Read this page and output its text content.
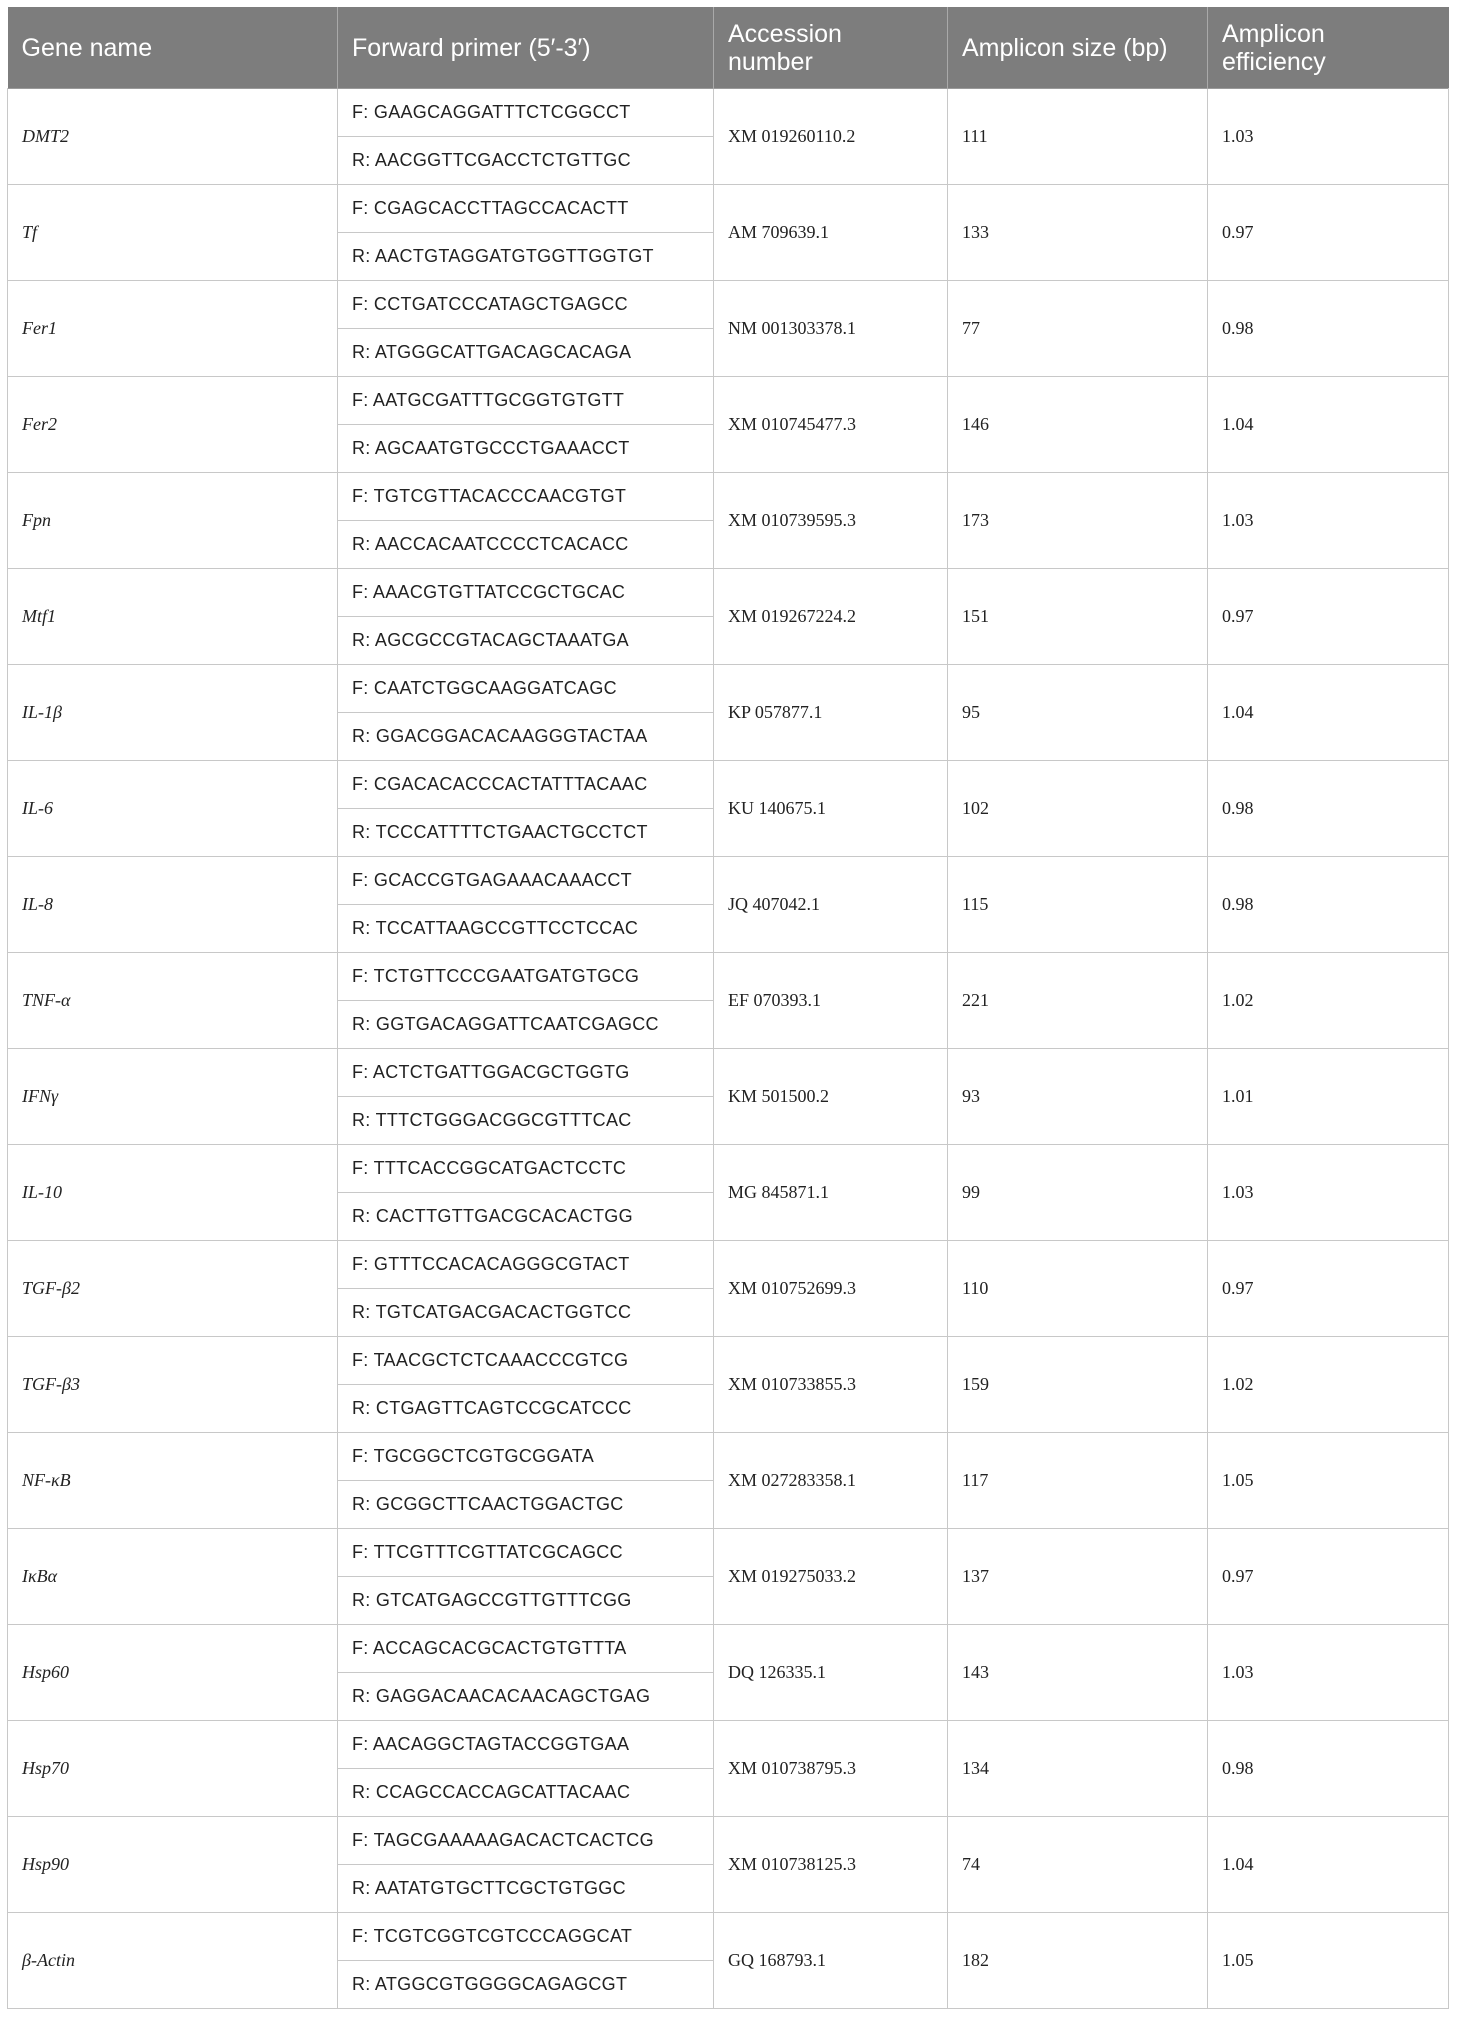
Gene name	Forward primer (5′-3′)	Accession number	Amplicon size (bp)	Amplicon efficiency
DMT2	F: GAAGCAGGATTTCTCGGCCT	XM 019260110.2	111	1.03
	R: AACGGTTCGACCTCTGTTGC			
Tf	F: CGAGCACCTTAGCCACACTT	AM 709639.1	133	0.97
	R: AACTGTAGGATGTGGTTGGTGT			
Fer1	F: CCTGATCCCATAGCTGAGCC	NM 001303378.1	77	0.98
	R: ATGGGCATTGACAGCACAGA			
Fer2	F: AATGCGATTTGCGGTGTGTT	XM 010745477.3	146	1.04
	R: AGCAATGTGCCCTGAAACCT			
Fpn	F: TGTCGTTACACCCAACGTGT	XM 010739595.3	173	1.03
	R: AACCACAATCCCCTCACACC			
Mtf1	F: AAACGTGTTATCCGCTGCAC	XM 019267224.2	151	0.97
	R: AGCGCCGTACAGCTAAATGA			
IL-1β	F: CAATCTGGCAAGGATCAGC	KP 057877.1	95	1.04
	R: GGACGGACACAAGGGTACTAA			
IL-6	F: CGACACACCCACTATTTACAAC	KU 140675.1	102	0.98
	R: TCCCATTTTCTGAACTGCCTCT			
IL-8	F: GCACCGTGAGAAACAAACCT	JQ 407042.1	115	0.98
	R: TCCATTAAGCCGTTCCTCCAC			
TNF-α	F: TCTGTTCCCGAATGATGTGCG	EF 070393.1	221	1.02
	R: GGTGACAGGATTCAATCGAGCC			
IFNγ	F: ACTCTGATTGGACGCTGGTG	KM 501500.2	93	1.01
	R: TTTCTGGGACGGCGTTTCAC			
IL-10	F: TTTCACCGGCATGACTCCTC	MG 845871.1	99	1.03
	R: CACTTGTTGACGCACACTGG			
TGF-β2	F: GTTTCCACACAGGGCGTACT	XM 010752699.3	110	0.97
	R: TGTCATGACGACACTGGTCC			
TGF-β3	F: TAACGCTCTCAAACCCGTCG	XM 010733855.3	159	1.02
	R: CTGAGTTCAGTCCGCATCCC			
NF-κB	F: TGCGGCTCGTGCGGATA	XM 027283358.1	117	1.05
	R: GCGGCTTCAACTGGACTGC			
IκBα	F: TTCGTTTCGTTATCGCAGCC	XM 019275033.2	137	0.97
	R: GTCATGAGCCGTTGTTTCGG			
Hsp60	F: ACCAGCACGCACTGTGTTTA	DQ 126335.1	143	1.03
	R: GAGGACAACACAACAGCTGAG			
Hsp70	F: AACAGGCTAGTACCGGTGAA	XM 010738795.3	134	0.98
	R: CCAGCCACCAGCATTACAAC			
Hsp90	F: TAGCGAAAAAGACACTCACTCG	XM 010738125.3	74	1.04
	R: AATATGTGCTTCGCTGTGGC			
β-Actin	F: TCGTCGGTCGTCCCAGGCAT	GQ 168793.1	182	1.05
	R: ATGGCGTGGGGCAGAGCGT			
